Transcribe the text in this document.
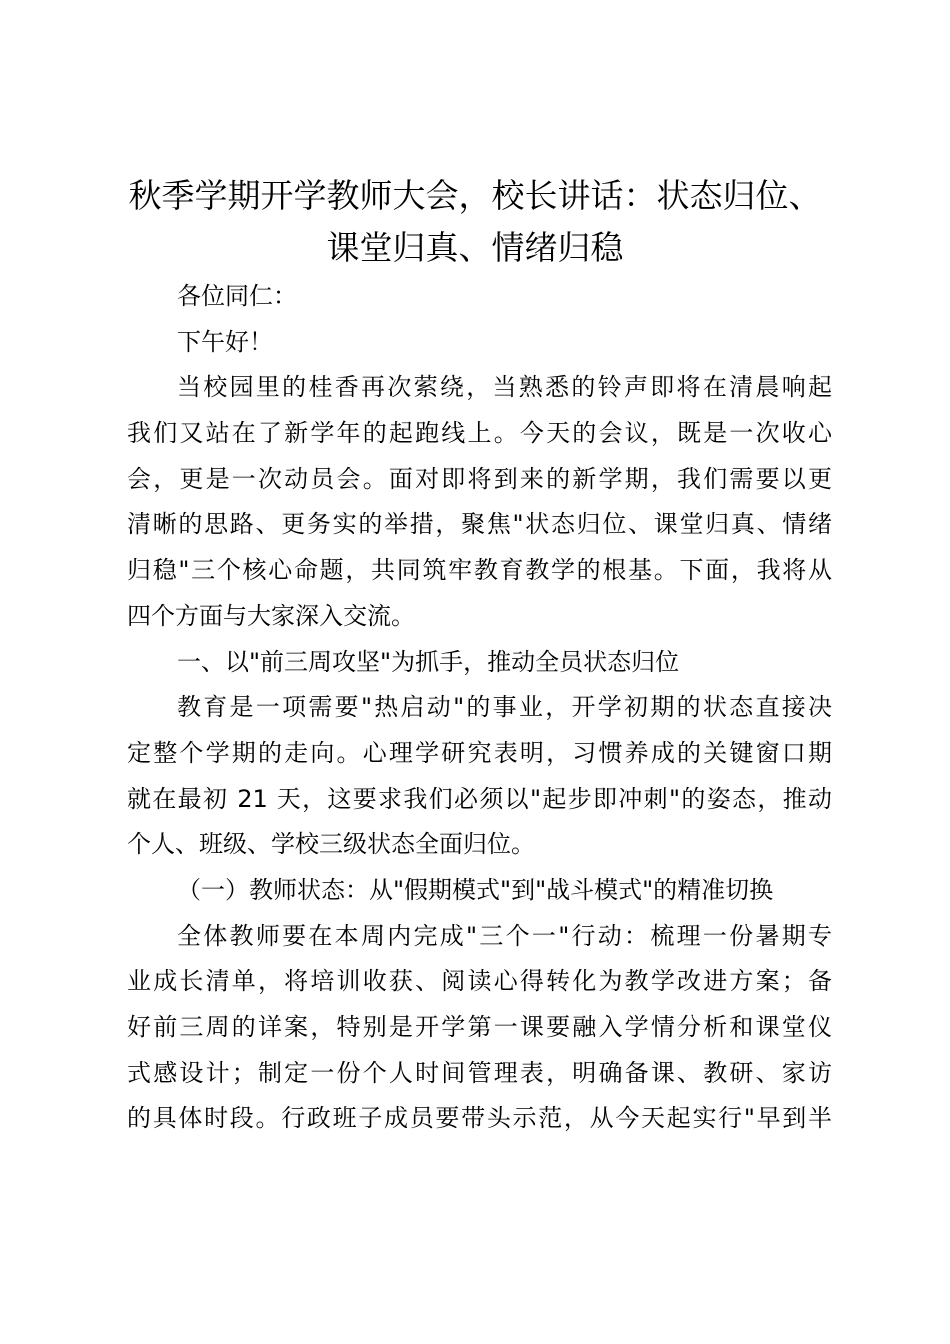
秋季学期开学教师大会，校长讲话：状态归位、
课堂归真、情绪归稳
各位同仁：
下午好！
当校园里的桂香再次萦绕，当熟悉的铃声即将在清晨响起
我们又站在了新学年的起跑线上。今天的会议，既是一次收心
会，更是一次动员会。面对即将到来的新学期，我们需要以更
清晰的思路、更务实的举措，聚焦"状态归位、课堂归真、情绪
归稳"三个核心命题，共同筑牢教育教学的根基。下面，我将从
四个方面与大家深入交流。
一、以"前三周攻坚"为抓手，推动全员状态归位
教育是一项需要"热启动"的事业，开学初期的状态直接决
定整个学期的走向。心理学研究表明，习惯养成的关键窗口期
就在最初 21 天，这要求我们必须以"起步即冲刺"的姿态，推动
个人、班级、学校三级状态全面归位。
（一）教师状态：从"假期模式"到"战斗模式"的精准切换
全体教师要在本周内完成"三个一"行动：梳理一份暑期专
业成长清单，将培训收获、阅读心得转化为教学改进方案；备
好前三周的详案，特别是开学第一课要融入学情分析和课堂仪
式感设计；制定一份个人时间管理表，明确备课、教研、家访
的具体时段。行政班子成员要带头示范，从今天起实行"早到半
